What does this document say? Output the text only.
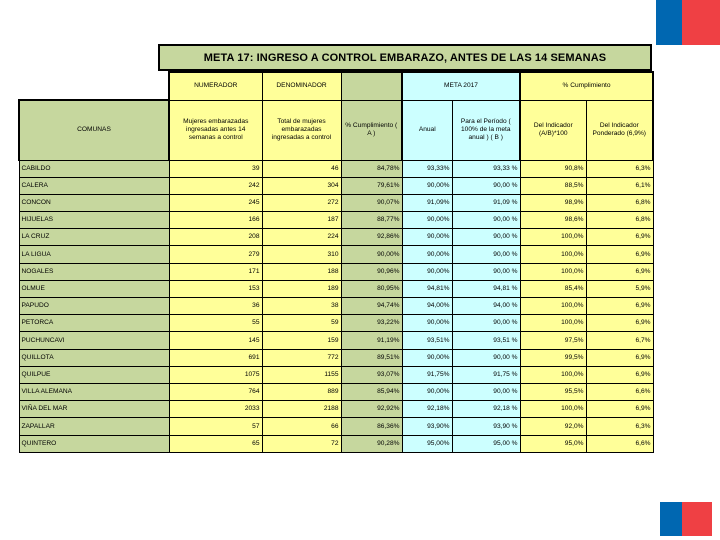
META 17: INGRESO A CONTROL EMBARAZO, ANTES DE LAS 14 SEMANAS
	NUMERADOR	DENOMINADOR		META 2017		% Cumplimiento	
COMUNAS	Mujeres embarazadas ingresadas antes 14 semanas a control	Total de mujeres embarazadas ingresadas a control	% Cumplimiento ( A )	Anual	Para el Período ( 100% de la meta anual ) ( B )	Del Indicador (A/B)*100	Del Indicador Ponderado (6,9%)
CABILDO	39	46	84,78%	93,33%	93,33 %	90,8%	6,3%
CALERA	242	304	79,61%	90,00%	90,00 %	88,5%	6,1%
CONCON	245	272	90,07%	91,09%	91,09 %	98,9%	6,8%
HIJUELAS	166	187	88,77%	90,00%	90,00 %	98,6%	6,8%
LA CRUZ	208	224	92,86%	90,00%	90,00 %	100,0%	6,9%
LA LIGUA	279	310	90,00%	90,00%	90,00 %	100,0%	6,9%
NOGALES	171	188	90,96%	90,00%	90,00 %	100,0%	6,9%
OLMUE	153	189	80,95%	94,81%	94,81 %	85,4%	5,9%
PAPUDO	36	38	94,74%	94,00%	94,00 %	100,0%	6,9%
PETORCA	55	59	93,22%	90,00%	90,00 %	100,0%	6,9%
PUCHUNCAVI	145	159	91,19%	93,51%	93,51 %	97,5%	6,7%
QUILLOTA	691	772	89,51%	90,00%	90,00 %	99,5%	6,9%
QUILPUE	1075	1155	93,07%	91,75%	91,75 %	100,0%	6,9%
VILLA ALEMANA	764	889	85,94%	90,00%	90,00 %	95,5%	6,6%
VIÑA DEL MAR	2033	2188	92,92%	92,18%	92,18 %	100,0%	6,9%
ZAPALLAR	57	66	86,36%	93,90%	93,90 %	92,0%	6,3%
QUINTERO	65	72	90,28%	95,00%	95,00 %	95,0%	6,6%
